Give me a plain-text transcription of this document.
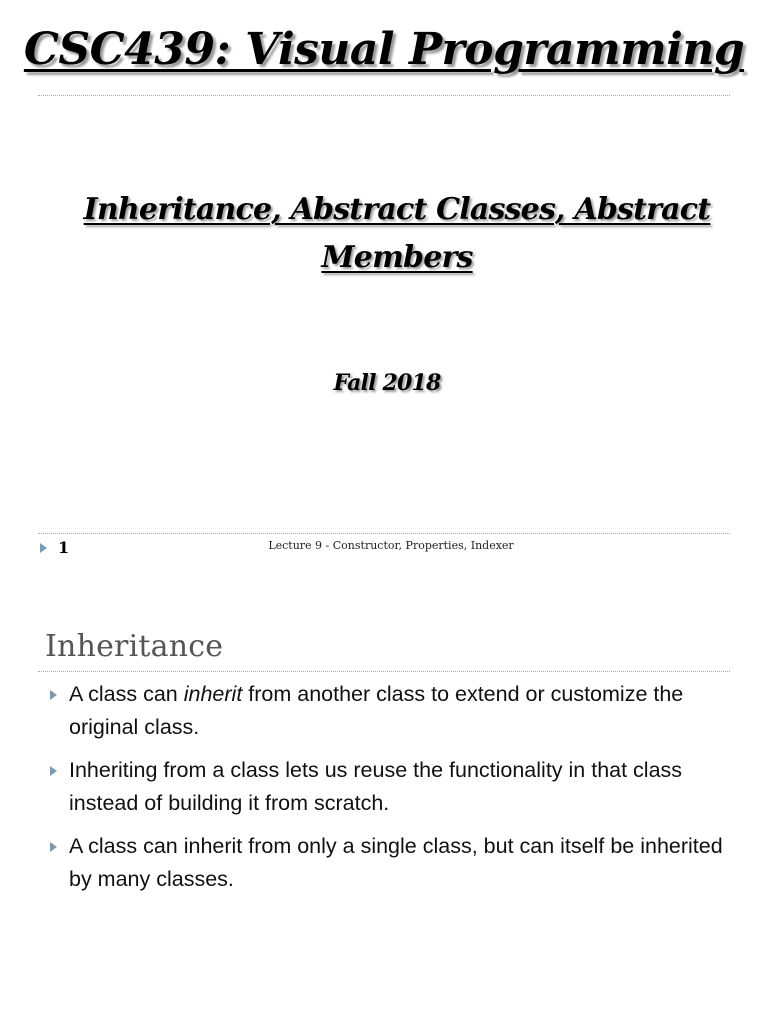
CSC439: Visual Programming
Inheritance, Abstract Classes, Abstract Members
Fall 2018
1	Lecture 9 - Constructor, Properties, Indexer
Inheritance
A class can inherit from another class to extend or customize the original class.
Inheriting from a class lets us reuse the functionality in that class instead of building it from scratch.
A class can inherit from only a single class, but can itself be inherited by many classes.
